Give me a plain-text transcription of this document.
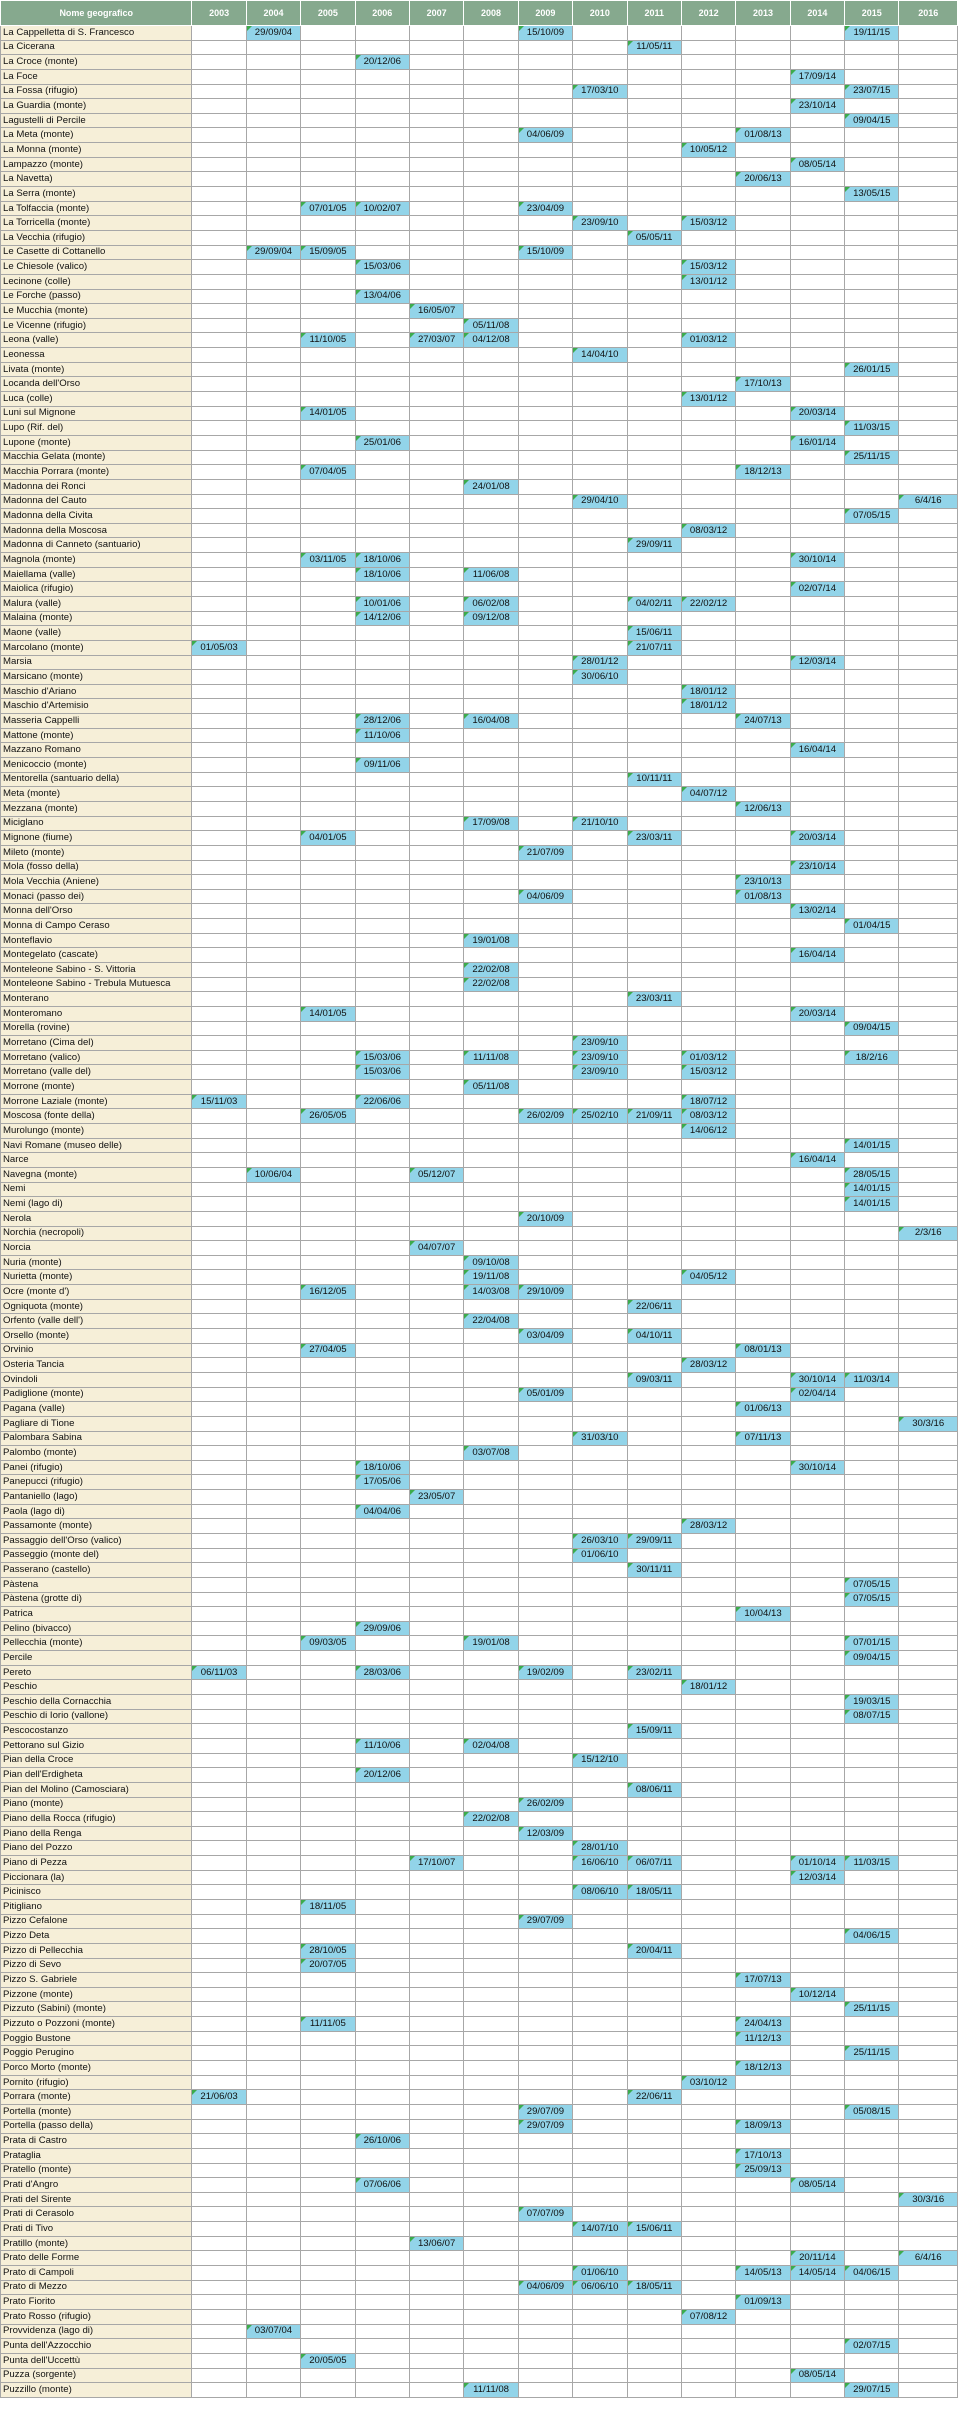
Nome geografico	2003	2004	2005	2006	2007	2008	2009	2010	2011	2012	2013	2014	2015	2016
La Cappelletta di S. Francesco		29/09/04					15/10/09						19/11/15	
La Cicerana									11/05/11					
La Croce (monte)				20/12/06										
La Foce												17/09/14		
La Fossa (rifugio)								17/03/10					23/07/15	
La Guardia (monte)												23/10/14		
Lagustelli di Percile													09/04/15	
La Meta (monte)							04/06/09				01/08/13			
La Monna (monte)										10/05/12				
Lampazzo (monte)												08/05/14		
La Navetta)											20/06/13			
La Serra (monte)													13/05/15	
La Tolfaccia (monte)			07/01/05	10/02/07			23/04/09							
La Torricella (monte)								23/09/10		15/03/12				
La Vecchia (rifugio)									05/05/11					
Le Casette di Cottanello		29/09/04	15/09/05				15/10/09							
Le Chiesole (valico)				15/03/06						15/03/12				
Lecinone (colle)										13/01/12				
Le Forche (passo)				13/04/06										
Le Mucchia (monte)					16/05/07									
Le Vicenne (rifugio)						05/11/08								
Leona (valle)			11/10/05		27/03/07	04/12/08				01/03/12				
Leonessa								14/04/10						
Livata (monte)													26/01/15	
Locanda dell'Orso											17/10/13			
Luca (colle)										13/01/12				
Luni sul Mignone			14/01/05									20/03/14		
Lupo (Rif. del)													11/03/15	
Lupone (monte)				25/01/06								16/01/14		
Macchia Gelata (monte)													25/11/15	
Macchia Porrara (monte)			07/04/05								18/12/13			
Madonna dei Ronci						24/01/08								
Madonna del Cauto								29/04/10						6/4/16
Madonna della Civita													07/05/15	
Madonna della Moscosa										08/03/12				
Madonna di Canneto (santuario)									29/09/11					
Magnola (monte)			03/11/05	18/10/06								30/10/14		
Maiellama (valle)				18/10/06		11/06/08								
Maiolica (rifugio)												02/07/14		
Malura (valle)				10/01/06		06/02/08			04/02/11	22/02/12				
Malaina (monte)				14/12/06		09/12/08								
Maone (valle)									15/06/11					
Marcolano (monte)	01/05/03								21/07/11					
Marsia								28/01/12				12/03/14		
Marsicano (monte)								30/06/10						
Maschio d'Ariano										18/01/12				
Maschio d'Artemisio										18/01/12				
Masseria Cappelli				28/12/06		16/04/08					24/07/13			
Mattone (monte)				11/10/06										
Mazzano Romano												16/04/14		
Menicoccio (monte)				09/11/06										
Mentorella (santuario della)									10/11/11					
Meta (monte)										04/07/12				
Mezzana (monte)											12/06/13			
Miciglano						17/09/08		21/10/10						
Mignone (fiume)			04/01/05						23/03/11			20/03/14		
Mileto (monte)							21/07/09							
Mola (fosso della)												23/10/14		
Mola Vecchia (Aniene)											23/10/13			
Monaci (passo dei)							04/06/09				01/08/13			
Monna dell'Orso												13/02/14		
Monna di Campo Ceraso													01/04/15	
Monteflavio						19/01/08								
Montegelato (cascate)												16/04/14		
Monteleone Sabino - S. Vittoria						22/02/08								
Monteleone Sabino - Trebula Mutuesca						22/02/08								
Monterano									23/03/11					
Monteromano			14/01/05									20/03/14		
Morella (rovine)													09/04/15	
Morretano (Cima del)								23/09/10						
Morretano (valico)				15/03/06		11/11/08		23/09/10		01/03/12			18/2/16	
Morretano (valle del)				15/03/06				23/09/10		15/03/12				
Morrone (monte)						05/11/08								
Morrone Laziale (monte)	15/11/03			22/06/06						18/07/12				
Moscosa (fonte della)			26/05/05				26/02/09	25/02/10	21/09/11	08/03/12				
Murolungo (monte)										14/06/12				
Navi Romane (museo delle)													14/01/15	
Narce												16/04/14		
Navegna (monte)		10/06/04			05/12/07								28/05/15	
Nemi													14/01/15	
Nemi (lago di)													14/01/15	
Nerola							20/10/09							
Norchia (necropoli)														2/3/16
Norcia					04/07/07									
Nuria (monte)						09/10/08								
Nurietta (monte)						19/11/08				04/05/12				
Ocre (monte d')			16/12/05			14/03/08	29/10/09							
Ogniquota (monte)									22/06/11					
Orfento (valle dell')						22/04/08								
Orsello (monte)							03/04/09		04/10/11					
Orvinio			27/04/05								08/01/13			
Osteria Tancia										28/03/12				
Ovindoli									09/03/11			30/10/14	11/03/14	
Padiglione (monte)							05/01/09					02/04/14		
Pagana (valle)											01/06/13			
Pagliare di Tione														30/3/16
Palombara Sabina								31/03/10			07/11/13			
Palombo (monte)						03/07/08								
Panei (rifugio)				18/10/06								30/10/14		
Panepucci (rifugio)				17/05/06										
Pantaniello (lago)					23/05/07									
Paola (lago di)				04/04/06										
Passamonte (monte)										28/03/12				
Passaggio dell'Orso (valico)								26/03/10	29/09/11					
Passeggio (monte del)								01/06/10						
Passerano (castello)									30/11/11					
Pàstena													07/05/15	
Pàstena (grotte di)													07/05/15	
Patrica											10/04/13			
Pelino (bivacco)				29/09/06										
Pellecchia (monte)			09/03/05			19/01/08							07/01/15	
Percile													09/04/15	
Pereto	06/11/03			28/03/06			19/02/09		23/02/11					
Peschio										18/01/12				
Peschio della Cornacchia													19/03/15	
Peschio di Iorio (vallone)													08/07/15	
Pescocostanzo									15/09/11					
Pettorano sul Gizio				11/10/06		02/04/08								
Pian della Croce								15/12/10						
Pian dell'Erdigheta				20/12/06										
Pian del Molino (Camosciara)									08/06/11					
Piano (monte)							26/02/09							
Piano della Rocca (rifugio)						22/02/08								
Piano della Renga							12/03/09							
Piano del Pozzo								28/01/10						
Piano di Pezza					17/10/07			16/06/10	06/07/11			01/10/14	11/03/15	
Piccionara (la)												12/03/14		
Picinisco								08/06/10	18/05/11					
Pitigliano			18/11/05											
Pizzo Cefalone							29/07/09							
Pizzo Deta													04/06/15	
Pizzo di Pellecchia			28/10/05						20/04/11					
Pizzo di Sevo			20/07/05											
Pizzo S. Gabriele											17/07/13			
Pizzone (monte)												10/12/14		
Pizzuto (Sabini) (monte)													25/11/15	
Pizzuto o Pozzoni (monte)			11/11/05								24/04/13			
Poggio Bustone											11/12/13			
Poggio Perugino													25/11/15	
Porco Morto (monte)											18/12/13			
Pornito (rifugio)										03/10/12				
Porrara (monte)	21/06/03								22/06/11					
Portella (monte)							29/07/09						05/08/15	
Portella (passo della)							29/07/09				18/09/13			
Prata di Castro				26/10/06										
Prataglia											17/10/13			
Pratello (monte)											25/09/13			
Prati d'Angro				07/06/06								08/05/14		
Prati del Sirente														30/3/16
Prati di Cerasolo							07/07/09							
Prati di Tivo								14/07/10	15/06/11					
Pratillo (monte)					13/06/07									
Prato delle Forme												20/11/14		6/4/16
Prato di Campoli								01/06/10			14/05/13	14/05/14	04/06/15	
Prato di Mezzo							04/06/09	06/06/10	18/05/11					
Prato Fiorito											01/09/13			
Prato Rosso (rifugio)										07/08/12				
Provvidenza (lago di)		03/07/04												
Punta dell'Azzocchio													02/07/15	
Punta dell'Uccettù			20/05/05											
Puzza (sorgente)												08/05/14		
Puzzillo (monte)						11/11/08							29/07/15	
